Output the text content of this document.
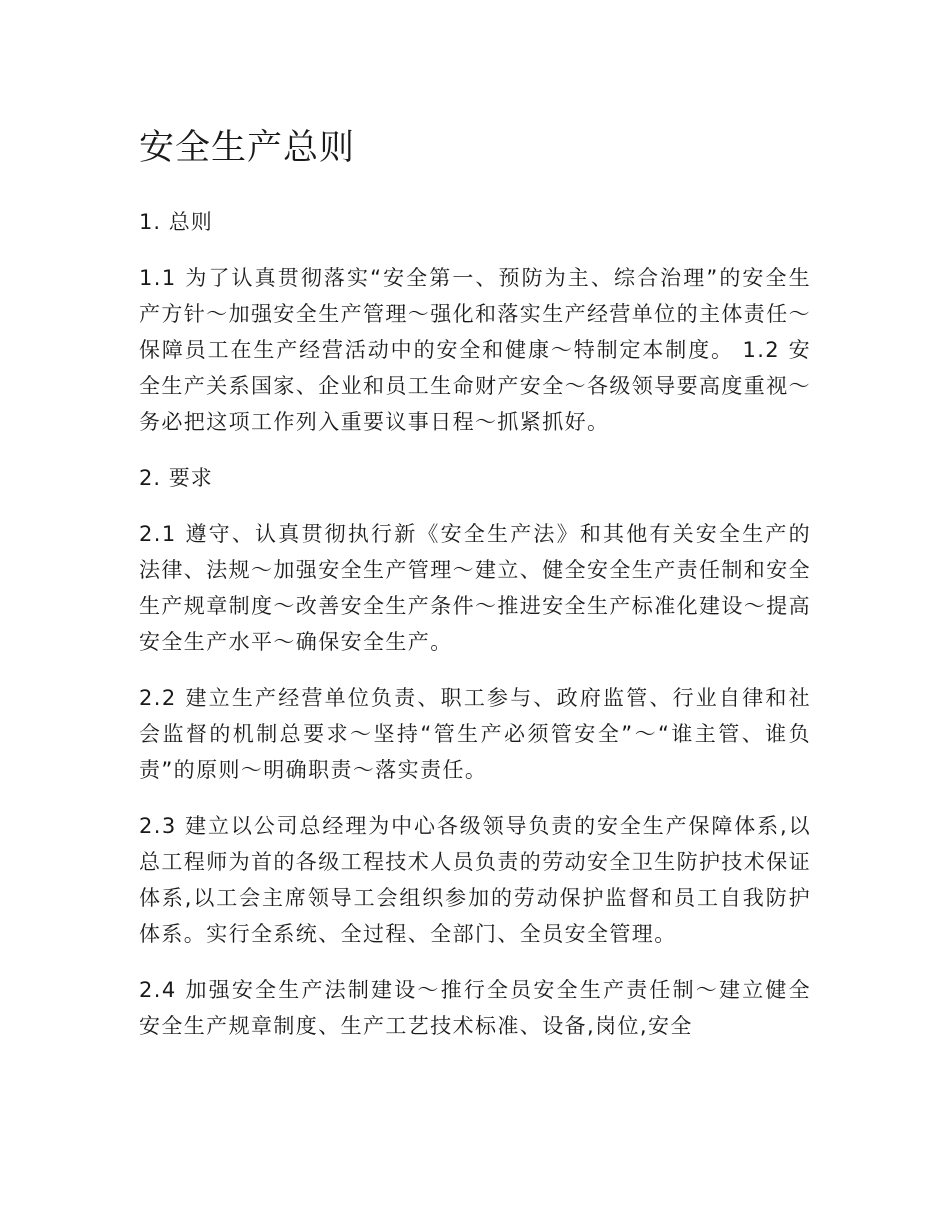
安全生产总则
1. 总则

1.1 为了认真贯彻落实“安全第一、预防为主、综合治理”的安全生产方针～加强安全生产管理～强化和落实生产经营单位的主体责任～保障员工在生产经营活动中的安全和健康～特制定本制度。 1.2 安全生产关系国家、企业和员工生命财产安全～各级领导要高度重视～务必把这项工作列入重要议事日程～抓紧抓好。

2. 要求

2.1 遵守、认真贯彻执行新《安全生产法》和其他有关安全生产的法律、法规～加强安全生产管理～建立、健全安全生产责任制和安全生产规章制度～改善安全生产条件～推进安全生产标准化建设～提高安全生产水平～确保安全生产。

2.2 建立生产经营单位负责、职工参与、政府监管、行业自律和社会监督的机制总要求～坚持“管生产必须管安全”～“谁主管、谁负责”的原则～明确职责～落实责任。

2.3 建立以公司总经理为中心各级领导负责的安全生产保障体系,以总工程师为首的各级工程技术人员负责的劳动安全卫生防护技术保证体系,以工会主席领导工会组织参加的劳动保护监督和员工自我防护体系。实行全系统、全过程、全部门、全员安全管理。

2.4 加强安全生产法制建设～推行全员安全生产责任制～建立健全安全生产规章制度、生产工艺技术标准、设备,岗位,安全
